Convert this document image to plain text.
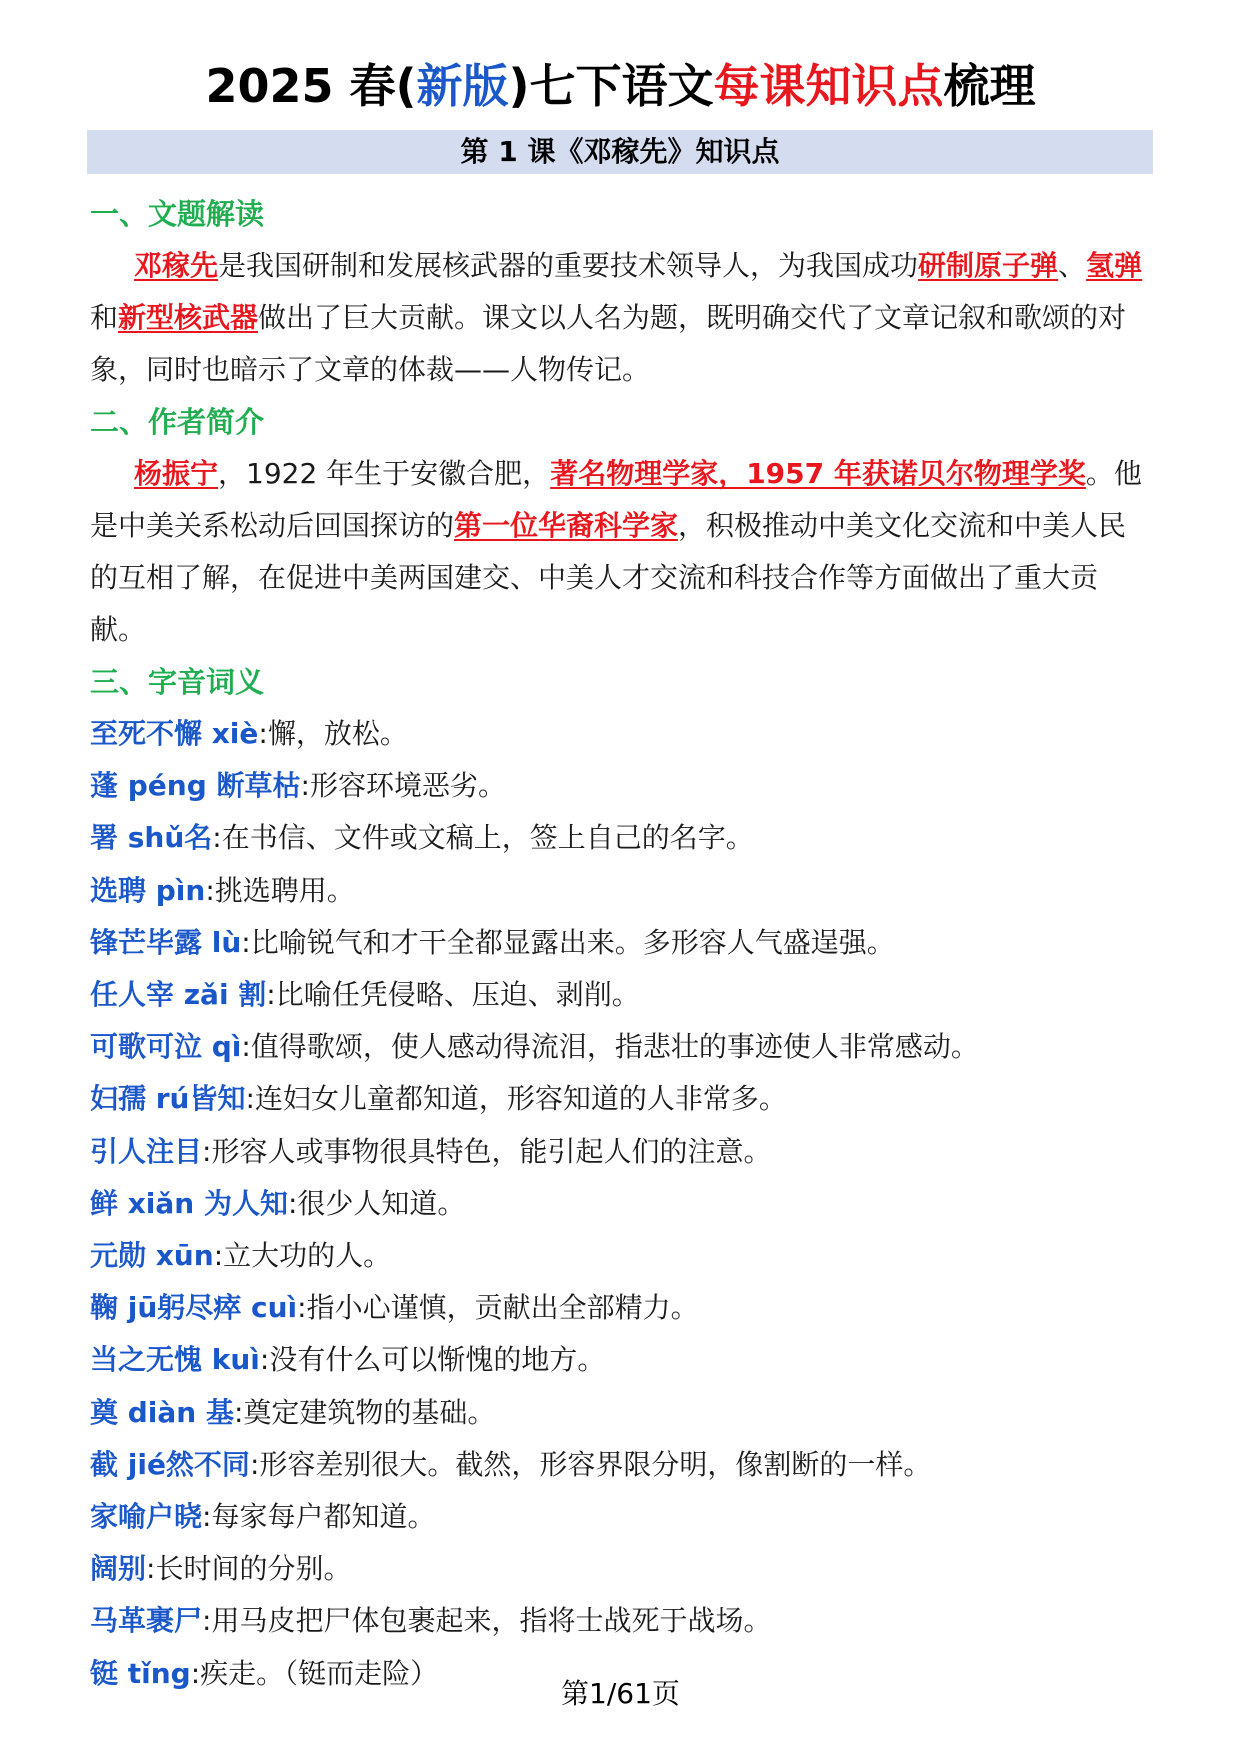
2025 春(新版)七下语文每课知识点梳理
第 1 课《邓稼先》知识点
一、文题解读

邓稼先是我国研制和发展核武器的重要技术领导人，为我国成功研制原子弹、氢弹和新型核武器做出了巨大贡献。课文以人名为题，既明确交代了文章记叙和歌颂的对象，同时也暗示了文章的体裁——人物传记。

二、作者简介

杨振宁，1922 年生于安徽合肥，著名物理学家，1957 年获诺贝尔物理学奖。他是中美关系松动后回国探访的第一位华裔科学家，积极推动中美文化交流和中美人民的互相了解，在促进中美两国建交、中美人才交流和科技合作等方面做出了重大贡献。

三、字音词义
至死不懈 xiè:懈，放松。
蓬 péng 断草枯:形容环境恶劣。
署 shǔ名:在书信、文件或文稿上，签上自己的名字。
选聘 pìn:挑选聘用。
锋芒毕露 lù:比喻锐气和才干全都显露出来。多形容人气盛逞强。
任人宰 zǎi 割:比喻任凭侵略、压迫、剥削。
可歌可泣 qì:值得歌颂，使人感动得流泪，指悲壮的事迹使人非常感动。
妇孺 rú皆知:连妇女儿童都知道，形容知道的人非常多。
引人注目:形容人或事物很具特色，能引起人们的注意。
鲜 xiǎn 为人知:很少人知道。
元勋 xūn:立大功的人。
鞠 jū躬尽瘁 cuì:指小心谨慎，贡献出全部精力。
当之无愧 kuì:没有什么可以惭愧的地方。
奠 diàn 基:奠定建筑物的基础。
截 jié然不同:形容差别很大。截然，形容界限分明，像割断的一样。
家喻户晓:每家每户都知道。
阔别:长时间的分别。
马革裹尸:用马皮把尸体包裹起来，指将士战死于战场。
铤 tǐng:疾走。（铤而走险）
第1/61页
